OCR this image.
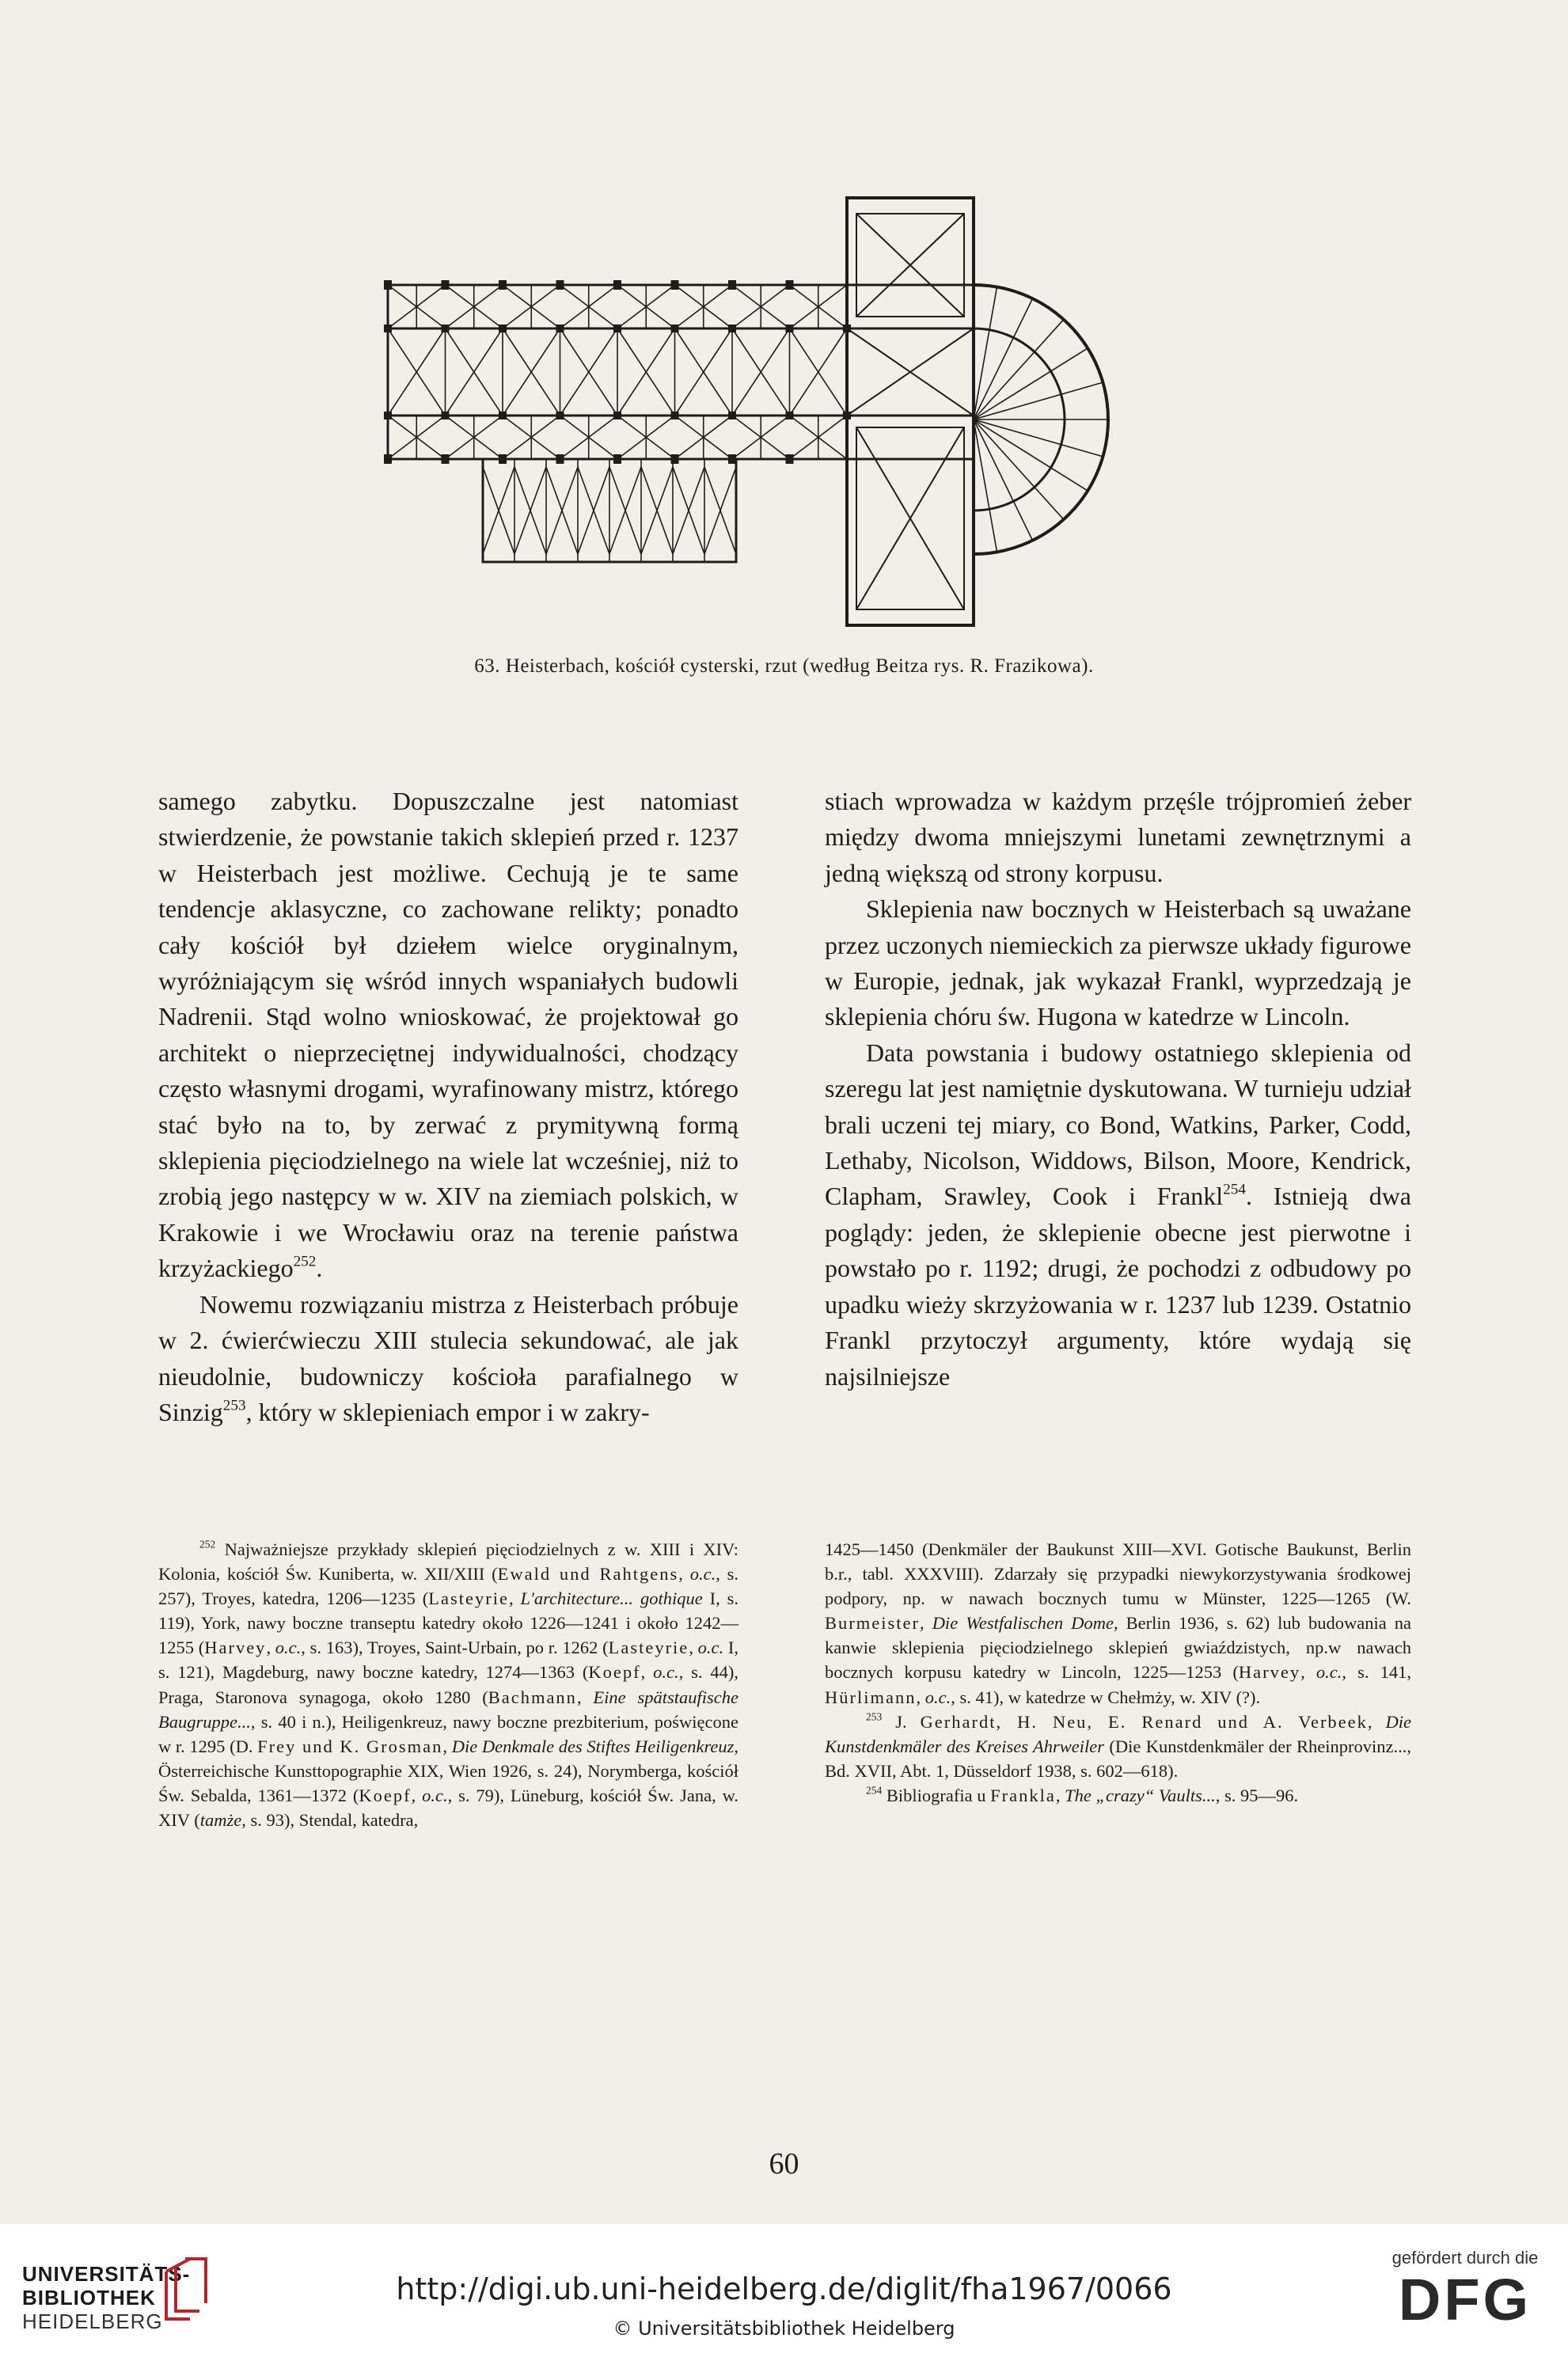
63. Heisterbach, kościół cysterski, rzut (według Beitza rys. R. Frazikowa).

samego zabytku. Dopuszczalne jest natomiast stwierdzenie, że powstanie takich sklepień przed r. 1237 w Heisterbach jest możliwe. Cechują je te same tendencje aklasyczne, co zachowane relikty; ponadto cały kościół był dziełem wielce oryginalnym, wyróżniającym się wśród innych wspaniałych budowli Nadrenii. Stąd wolno wnioskować, że projektował go architekt o nieprzeciętnej indywidualności, chodzący często własnymi drogami, wyrafinowany mistrz, którego stać było na to, by zerwać z prymitywną formą sklepienia pięciodzielnego na wiele lat wcześniej, niż to zrobią jego następcy w w. XIV na ziemiach polskich, w Krakowie i we Wrocławiu oraz na terenie państwa krzyżackiego$^{252}$.

Nowemu rozwiązaniu mistrza z Heisterbach próbuje w 2. ćwierćwieczu XIII stulecia sekundować, ale jak nieudolnie, budowniczy kościoła parafialnego w Sinzig$^{253}$, który w sklepieniach empor i w zakry-

stiach wprowadza w każdym przęśle trójpromień żeber między dwoma mniejszymi lunetami zewnętrznymi a jedną większą od strony korpusu.

Sklepienia naw bocznych w Heisterbach są uważane przez uczonych niemieckich za pierwsze układy figurowe w Europie, jednak, jak wykazał Frankl, wyprzedzają je sklepienia chóru św. Hugona w katedrze w Lincoln.

Data powstania i budowy ostatniego sklepienia od szeregu lat jest namiętnie dyskutowana. W turnieju udział brali uczeni tej miary, co Bond, Watkins, Parker, Codd, Lethaby, Nicolson, Widdows, Bilson, Moore, Kendrick, Clapham, Srawley, Cook i Frankl$^{254}$. Istnieją dwa poglądy: jeden, że sklepienie obecne jest pierwotne i powstało po r. 1192; drugi, że pochodzi z odbudowy po upadku wieży skrzyżowania w r. 1237 lub 1239. Ostatnio Frankl przytoczył argumenty, które wydają się najsilniejsze

$^{252}$ Najważniejsze przykłady sklepień pięciodzielnych z w. XIII i XIV: Kolonia, kościół Św. Kuniberta, w. XII/XIII (Ewald und Rahtgens, o.c., s. 257), Troyes, katedra, 1206—1235 (Lasteyrie, L'architecture... gothique I, s. 119), York, nawy boczne transeptu katedry około 1226—1241 i około 1242—1255 (Harvey, o.c., s. 163), Troyes, Saint-Urbain, po r. 1262 (Lasteyrie, o.c. I, s. 121), Magdeburg, nawy boczne katedry, 1274—1363 (Koepf, o.c., s. 44), Praga, Staronova synagoga, około 1280 (Bachmann, Eine spätstaufische Baugruppe..., s. 40 i n.), Heiligenkreuz, nawy boczne prezbiterium, poświęcone w r. 1295 (D. Frey und K. Grosman, Die Denkmale des Stiftes Heiligenkreuz, Österreichische Kunsttopographie XIX, Wien 1926, s. 24), Norymberga, kościół Św. Sebalda, 1361—1372 (Koepf, o.c., s. 79), Lüneburg, kościół Św. Jana, w. XIV (tamże, s. 93), Stendal, katedra,

1425—1450 (Denkmäler der Baukunst XIII—XVI. Gotische Baukunst, Berlin b.r., tabl. XXXVIII). Zdarzały się przypadki niewykorzystywania środkowej podpory, np. w nawach bocznych tumu w Münster, 1225—1265 (W. Burmeister, Die Westfalischen Dome, Berlin 1936, s. 62) lub budowania na kanwie sklepienia pięciodzielnego sklepień gwiaździstych, np.w nawach bocznych korpusu katedry w Lincoln, 1225—1253 (Harvey, o.c., s. 141, Hürlimann, o.c., s. 41), w katedrze w Chełmży, w. XIV (?).

$^{253}$ J. Gerhardt, H. Neu, E. Renard und A. Verbeek, Die Kunstdenkmäler des Kreises Ahrweiler (Die Kunstdenkmäler der Rheinprovinz..., Bd. XVII, Abt. 1, Düsseldorf 1938, s. 602—618).

$^{254}$ Bibliografia u Frankla, The „crazy“ Vaults..., s. 95—96.

60
UNIVERSITÄTS-
BIBLIOTHEK
HEIDELBERG
http://digi.ub.uni-heidelberg.de/diglit/fha1967/0066
© Universitätsbibliothek Heidelberg
gefördert durch die
DFG
